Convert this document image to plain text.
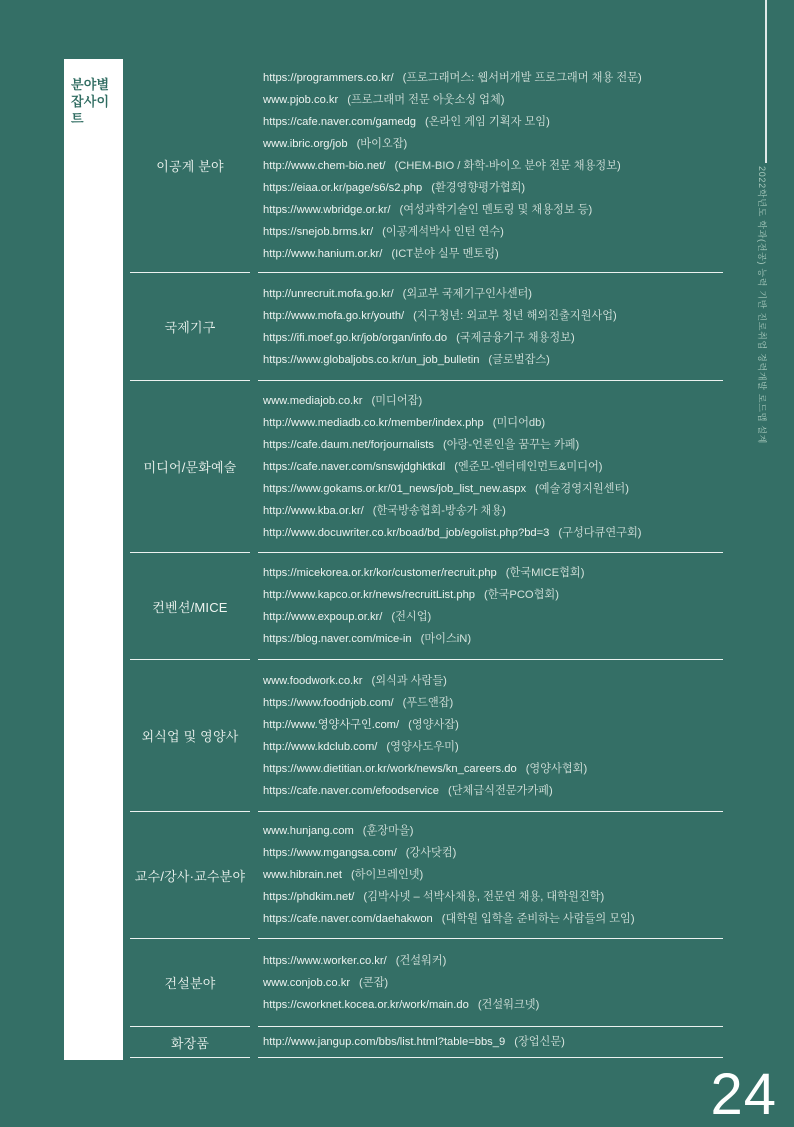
분야별
잡사이트
이공계 분야
https://programmers.co.kr/ (프로그래머스: 웹서버개발 프로그래머 채용 전문)
www.pjob.co.kr (프로그래머 전문 아웃소싱 업체)
https://cafe.naver.com/gamedg (온라인 게임 기획자 모임)
www.ibric.org/job (바이오잡)
http://www.chem-bio.net/ (CHEM-BIO / 화학-바이오 분야 전문 채용정보)
https://eiaa.or.kr/page/s6/s2.php (환경영향평가협회)
https://www.wbridge.or.kr/ (여성과학기술인 멘토링 및 채용정보 등)
https://snejob.brms.kr/ (이공계석박사 인턴 연수)
http://www.hanium.or.kr/ (ICT분야 실무 멘토링)
국제기구
http://unrecruit.mofa.go.kr/ (외교부 국제기구인사센터)
http://www.mofa.go.kr/youth/ (지구청년: 외교부 청년 해외진출지원사업)
https://ifi.moef.go.kr/job/organ/info.do (국제금융기구 채용정보)
https://www.globaljobs.co.kr/un_job_bulletin (글로벌잡스)
미디어/문화예술
www.mediajob.co.kr (미디어잡)
http://www.mediadb.co.kr/member/index.php (미디어db)
https://cafe.daum.net/forjournalists (아랑-언론인을 꿈꾸는 카페)
https://cafe.naver.com/snswjdghktkdl (엔준모-엔터테인먼트&미디어)
https://www.gokams.or.kr/01_news/job_list_new.aspx (예술경영지원센터)
http://www.kba.or.kr/ (한국방송협회-방송가 채용)
http://www.docuwriter.co.kr/boad/bd_job/egolist.php?bd=3 (구성다큐연구회)
컨벤션/MICE
https://micekorea.or.kr/kor/customer/recruit.php (한국MICE협회)
http://www.kapco.or.kr/news/recruitList.php (한국PCO협회)
http://www.expoup.or.kr/ (전시업)
https://blog.naver.com/mice-in (마이스iN)
외식업 및 영양사
www.foodwork.co.kr (외식과 사람들)
https://www.foodnjob.com/ (푸드앤잡)
http://www.영양사구인.com/ (영양사잡)
http://www.kdclub.com/ (영양사도우미)
https://www.dietitian.or.kr/work/news/kn_careers.do (영양사협회)
https://cafe.naver.com/efoodservice (단체급식전문가카페)
교수/강사·교수분야
www.hunjang.com (훈장마을)
https://www.mgangsa.com/ (강사닷컴)
www.hibrain.net (하이브레인넷)
https://phdkim.net/ (김박사넷 – 석박사채용, 전문연 채용, 대학원진학)
https://cafe.naver.com/daehakwon (대학원 입학을 준비하는 사람들의 모임)
건설분야
https://www.worker.co.kr/ (건설워커)
www.conjob.co.kr (콘잡)
https://cworknet.kocea.or.kr/work/main.do (건설워크넷)
화장품	http://www.jangup.com/bbs/list.html?table=bbs_9 (장업신문)
2022학년도 학과(전공) 능력 기반 진로취업 경력개발 로드맵 설계
24
